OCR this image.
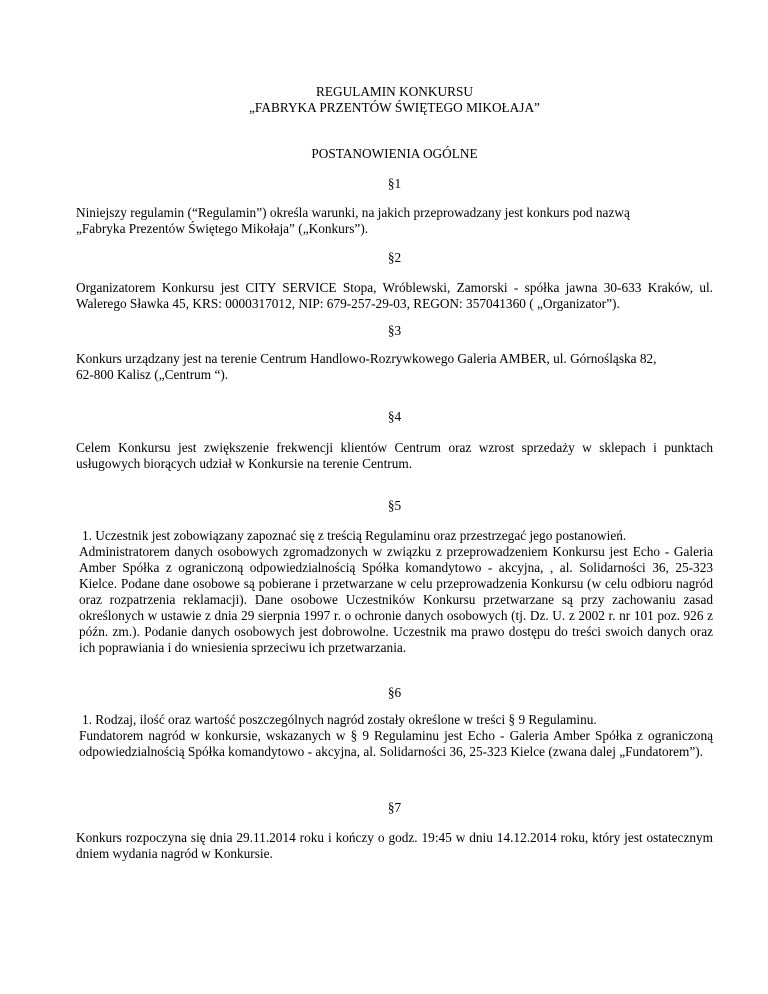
REGULAMIN KONKURSU

„FABRYKA PRZENTÓW ŚWIĘTEGO MIKOŁAJA”

POSTANOWIENIA OGÓLNE

§1

Niniejszy regulamin (“Regulamin”) określa warunki, na jakich przeprowadzany jest konkurs pod nazwą
„Fabryka Prezentów Świętego Mikołaja” („Konkurs”).

§2

Organizatorem Konkursu jest CITY SERVICE Stopa, Wróblewski, Zamorski - spółka jawna 30-633 Kraków, ul. Walerego Sławka 45, KRS: 0000317012, NIP: 679-257-29-03, REGON: 357041360 ( „Organizator”).

§3

Konkurs urządzany jest na terenie Centrum Handlowo-Rozrywkowego Galeria AMBER, ul. Górnośląska 82,
62-800 Kalisz („Centrum “).

§4

Celem Konkursu jest zwiększenie frekwencji klientów Centrum oraz wzrost sprzedaży w sklepach i punktach usługowych biorących udział w Konkursie na terenie Centrum.

§5

1. Uczestnik jest zobowiązany zapoznać się z treścią Regulaminu oraz przestrzegać jego postanowień.

Administratorem danych osobowych zgromadzonych w związku z przeprowadzeniem Konkursu jest Echo - Galeria Amber Spółka z ograniczoną odpowiedzialnością Spółka komandytowo - akcyjna, , al. Solidarności 36, 25-323 Kielce. Podane dane osobowe są pobierane i przetwarzane w celu przeprowadzenia Konkursu (w celu odbioru nagród oraz rozpatrzenia reklamacji). Dane osobowe Uczestników Konkursu przetwarzane są przy zachowaniu zasad określonych w ustawie z dnia 29 sierpnia 1997 r. o ochronie danych osobowych (tj. Dz. U. z 2002 r. nr 101 poz. 926 z późn. zm.). Podanie danych osobowych jest dobrowolne. Uczestnik ma prawo dostępu do treści swoich danych oraz ich poprawiania i do wniesienia sprzeciwu ich przetwarzania.

§6

1. Rodzaj, ilość oraz wartość poszczególnych nagród zostały określone w treści § 9 Regulaminu.

Fundatorem nagród w konkursie, wskazanych w § 9 Regulaminu jest Echo - Galeria Amber Spółka z ograniczoną odpowiedzialnością Spółka komandytowo - akcyjna, al. Solidarności 36, 25-323 Kielce (zwana dalej „Fundatorem”).

§7

Konkurs rozpoczyna się dnia 29.11.2014 roku i kończy o godz. 19:45 w dniu 14.12.2014 roku, który jest ostatecznym dniem wydania nagród w Konkursie.
